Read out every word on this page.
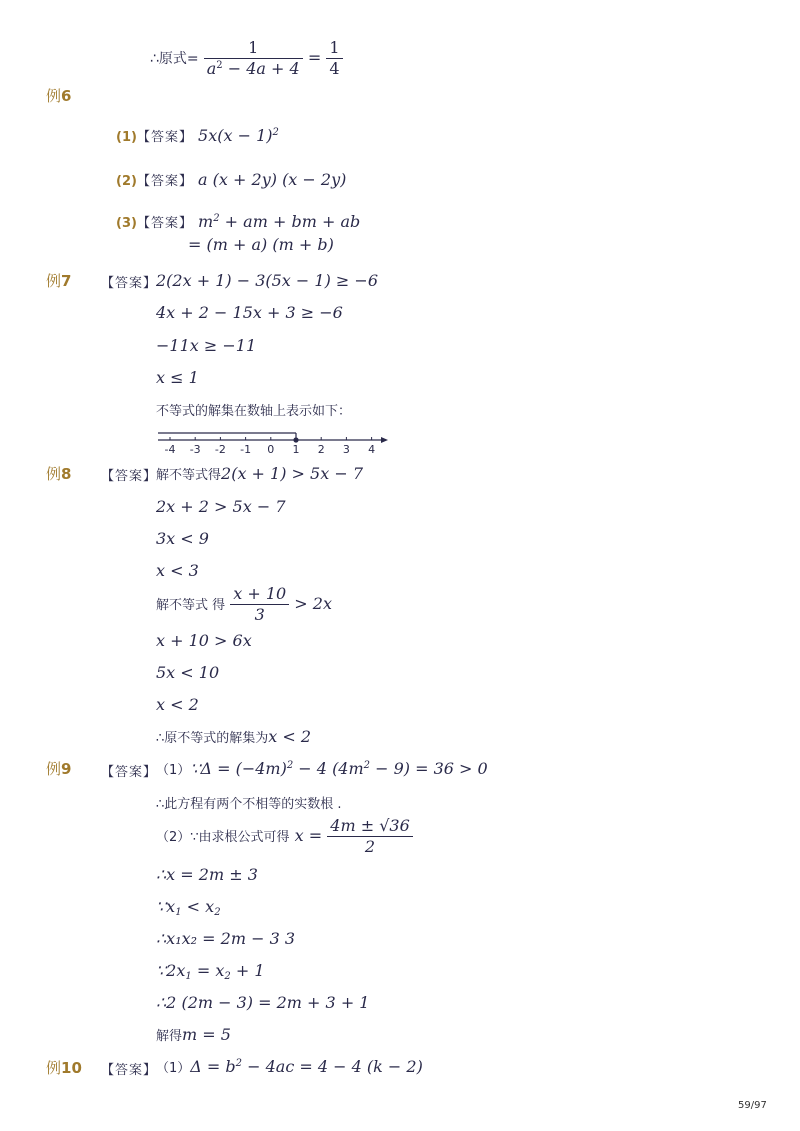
∴原式= $\frac{1}{a^2 - 4a + 4} = \frac{1}{4}$
例6
(1)【答案】 $5x(x - 1)^2$
(2)【答案】 a (x + 2y) (x − 2y)
(3)【答案】 $m^2$ + am + bm + ab
= (m + a) (m + b)
例7 【答案】
2(2x + 1) − 3(5x − 1) ≥ −6
4x + 2 − 15x + 3 ≥ −6
−11x ≥ −11
x ≤ 1
不等式的解集在数轴上表示如下：
-4 -3 -2 -1 0 1 2 3 4
例8 【答案】
解不等式得2(x + 1) > 5x − 7
2x + 2 > 5x − 7
3x < 9
x < 3
解不等式 得 $\frac{x + 10}{3} > 2x$
x + 10 > 6x
5x < 10
x < 2
∴原不等式的解集为x < 2
例9 【答案】
（1）∵Δ = $(-4m)^2 - 4$ $(4m^2 - 9) = 36 > 0$
∴此方程有两个不相等的实数根 .
（2）∵由求根公式可得 $x = \frac{4m \pm √36}{2}$
∴x = 2m ± 3
$\because x_1 < x_2$
∴x₁x₂ = 2m − 3 3
$\because 2x_1 = x_2 + 1$
∴2 (2m − 3) = 2m + 3 + 1
解得m = 5
例10 【答案】
$(1)\Delta = b^2 - 4ac = 4 - 4$ (k − 2)
59/97
